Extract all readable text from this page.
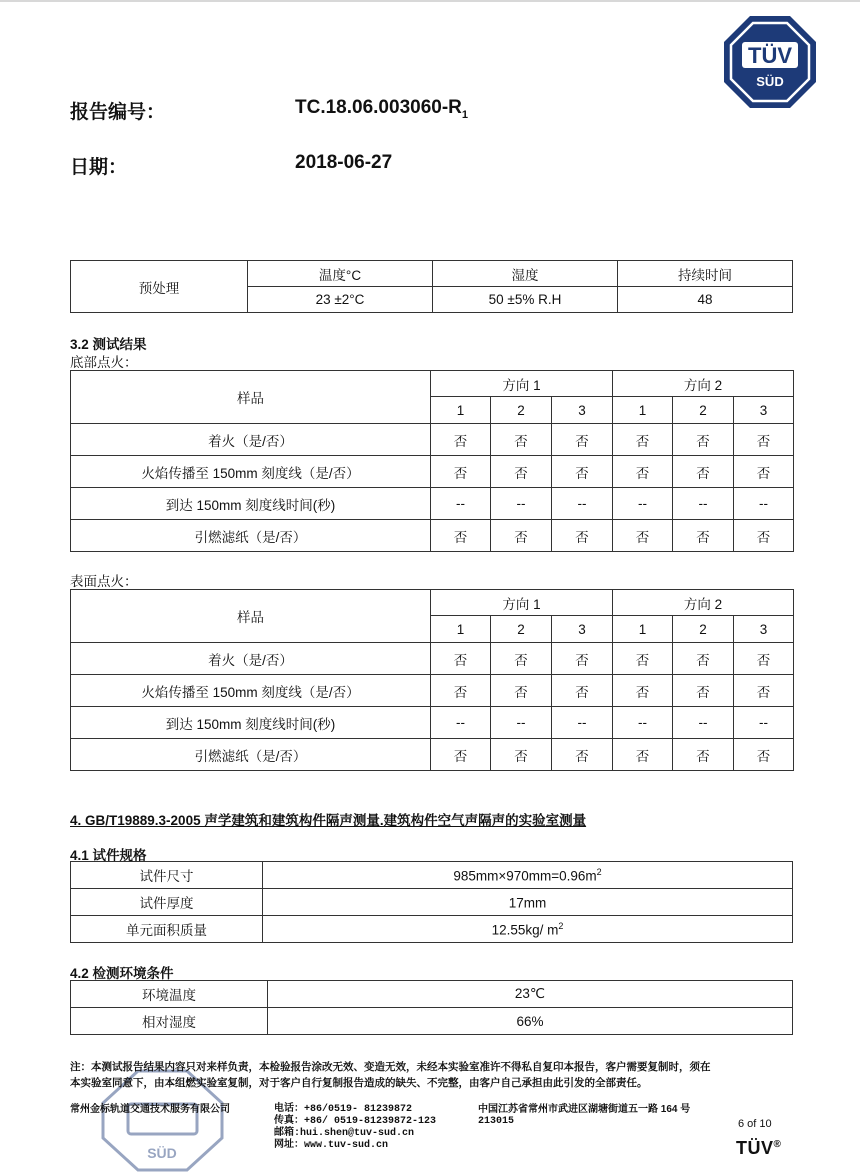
TÜV
SÜD
报告编号：	$TC.18.06.003060-R_1$
日期：	2018-06-27
预处理	温度°C	湿度	持续时间
	23 ±2°C	50 ±5% R.H	48
3.2 测试结果
底部点火：
样品	方向 1			方向 2		
	1	2	3	1	2	3
着火（是/否）	否	否	否	否	否	否
火焰传播至 150mm 刻度线（是/否）	否	否	否	否	否	否
到达 150mm 刻度线时间(秒)	--	--	--	--	--	--
引燃滤纸（是/否）	否	否	否	否	否	否
表面点火：
样品	方向 1			方向 2		
	1	2	3	1	2	3
着火（是/否）	否	否	否	否	否	否
火焰传播至 150mm 刻度线（是/否）	否	否	否	否	否	否
到达 150mm 刻度线时间(秒)	--	--	--	--	--	--
引燃滤纸（是/否）	否	否	否	否	否	否
4. GB/T19889.3-2005 声学建筑和建筑构件隔声测量.建筑构件空气声隔声的实验室测量
4.1 试件规格
试件尺寸	$985mm\times 970mm=0.96m^2$
试件厚度	17mm
单元面积质量	12.55kg/ $m^2$
4.2 检测环境条件
环境温度	23℃
相对湿度	66%
SÜD
注：本测试报告结果内容只对来样负责，本检验报告涂改无效、变造无效，未经本实验室准许不得私自复印本报告，客户需要复制时，须在
本实验室同意下，由本组燃实验室复制，对于客户自行复制报告造成的缺失、不完整，由客户自己承担由此引发的全部责任。
常州金标轨道交通技术服务有限公司	电话：+86/0519- 81239872
传真：+86/ 0519-81239872-123
邮箱:hui.shen@tuv-sud.cn
网址：www.tuv-sud.cn
中国江苏省常州市武进区湖塘街道五一路 164 号
213015	6 of 10
TÜV®
